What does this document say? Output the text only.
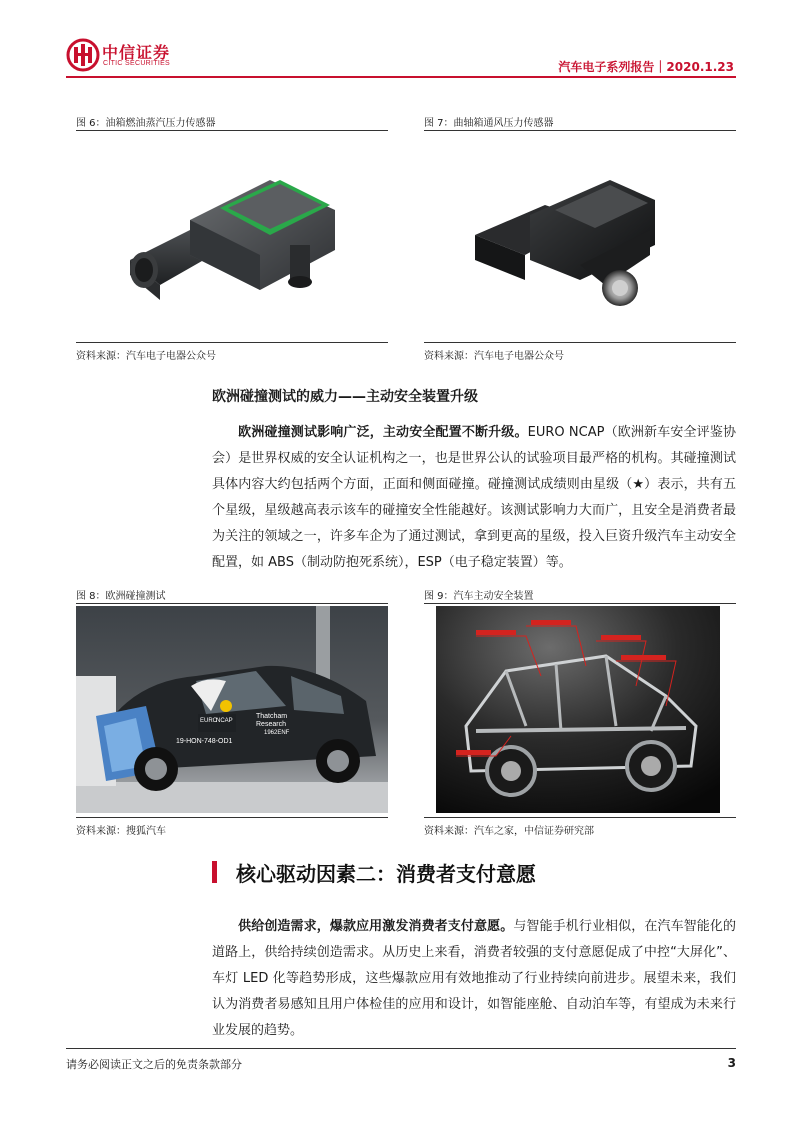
中信证券
CITIC SECURITIES	汽车电子系列报告｜2020.1.23
图 6：油箱燃油蒸汽压力传感器
资料来源：汽车电子电器公众号
图 7：曲轴箱通风压力传感器
资料来源：汽车电子电器公众号
欧洲碰撞测试的威力——主动安全装置升级

欧洲碰撞测试影响广泛，主动安全配置不断升级。EURO NCAP（欧洲新车安全评鉴协会）是世界权威的安全认证机构之一，也是世界公认的试验项目最严格的机构。其碰撞测试具体内容大约包括两个方面，正面和侧面碰撞。碰撞测试成绩则由星级（★）表示，共有五个星级，星级越高表示该车的碰撞安全性能越好。该测试影响力大而广，且安全是消费者最为关注的领域之一，许多车企为了通过测试，拿到更高的星级，投入巨资升级汽车主动安全配置，如 ABS（制动防抱死系统），ESP（电子稳定装置）等。

图 8：欧洲碰撞测试
EURO
NCAP
Thatcham
Research
19-HON-748-OD1
1962ENF
资料来源：搜狐汽车
图 9：汽车主动安全装置
资料来源：汽车之家，中信证券研究部
核心驱动因素二：消费者支付意愿

供给创造需求，爆款应用激发消费者支付意愿。与智能手机行业相似，在汽车智能化的道路上，供给持续创造需求。从历史上来看，消费者较强的支付意愿促成了中控“大屏化”、车灯 LED 化等趋势形成，这些爆款应用有效地推动了行业持续向前进步。展望未来，我们认为消费者易感知且用户体检佳的应用和设计，如智能座舱、自动泊车等，有望成为未来行业发展的趋势。

请务必阅读正文之后的免责条款部分	3
